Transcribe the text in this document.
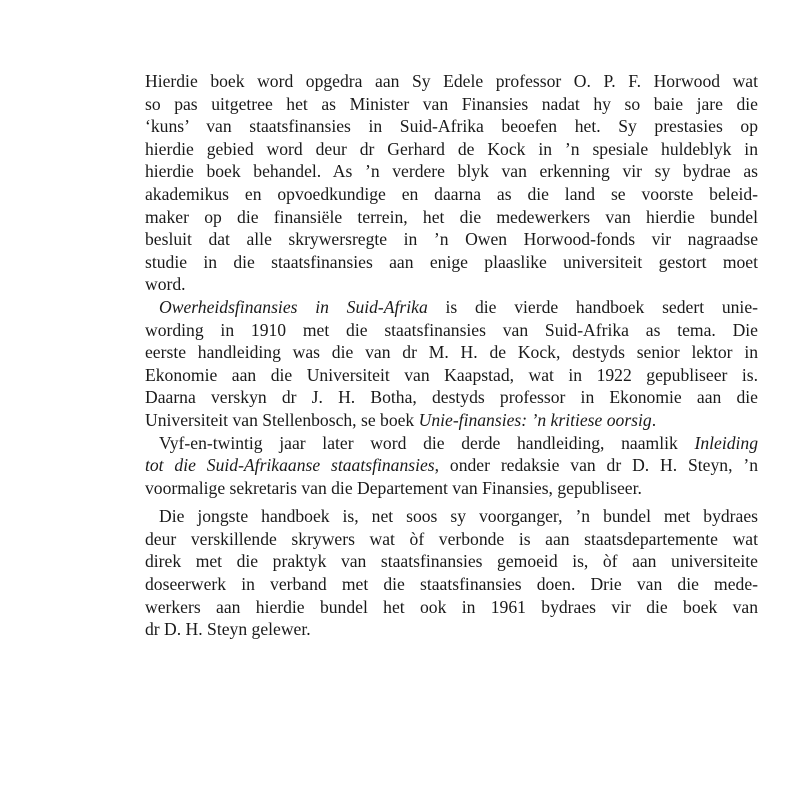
Hierdie boek word opgedra aan Sy Edele professor O. P. F. Horwood wat
so pas uitgetree het as Minister van Finansies nadat hy so baie jare die
‘kuns’ van staatsfinansies in Suid-Afrika beoefen het. Sy prestasies op
hierdie gebied word deur dr Gerhard de Kock in ’n spesiale huldeblyk in
hierdie boek behandel. As ’n verdere blyk van erkenning vir sy bydrae as
akademikus en opvoedkundige en daarna as die land se voorste beleid-
maker op die finansiële terrein, het die medewerkers van hierdie bundel
besluit dat alle skrywersregte in ’n Owen Horwood-fonds vir nagraadse
studie in die staatsfinansies aan enige plaaslike universiteit gestort moet
word.
Owerheidsfinansies in Suid-Afrika is die vierde handboek sedert unie-
wording in 1910 met die staatsfinansies van Suid-Afrika as tema. Die
eerste handleiding was die van dr M. H. de Kock, destyds senior lektor in
Ekonomie aan die Universiteit van Kaapstad, wat in 1922 gepubliseer is.
Daarna verskyn dr J. H. Botha, destyds professor in Ekonomie aan die
Universiteit van Stellenbosch, se boek Unie-finansies: ’n kritiese oorsig.
Vyf-en-twintig jaar later word die derde handleiding, naamlik Inleiding
tot die Suid-Afrikaanse staatsfinansies, onder redaksie van dr D. H. Steyn, ’n
voormalige sekretaris van die Departement van Finansies, gepubliseer.
Die jongste handboek is, net soos sy voorganger, ’n bundel met bydraes
deur verskillende skrywers wat òf verbonde is aan staatsdepartemente wat
direk met die praktyk van staatsfinansies gemoeid is, òf aan universiteite
doseerwerk in verband met die staatsfinansies doen. Drie van die mede-
werkers aan hierdie bundel het ook in 1961 bydraes vir die boek van
dr D. H. Steyn gelewer.
